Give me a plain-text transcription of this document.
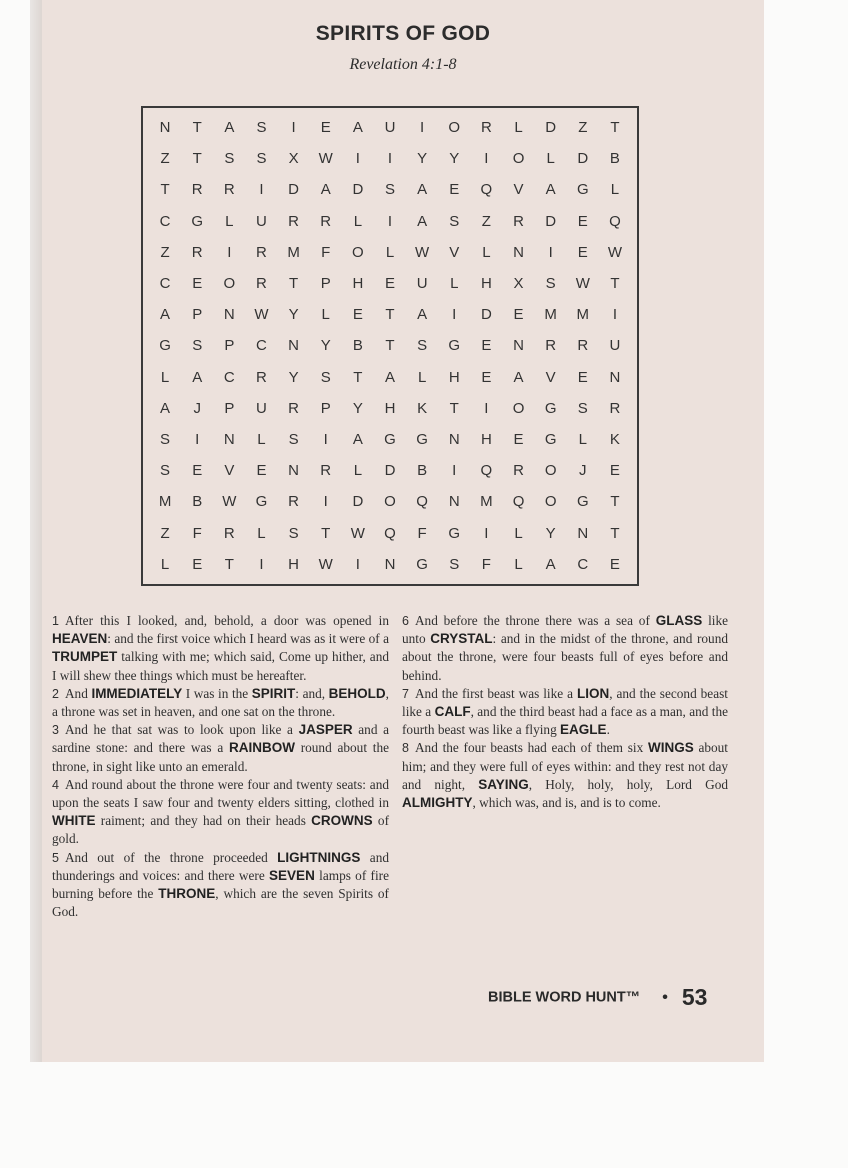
SPIRITS OF GOD
Revelation 4:1-8
N	T	A	S	I	E	A	U	I	O	R	L	D	Z	T
Z	T	S	S	X	W	I	I	Y	Y	I	O	L	D	B
T	R	R	I	D	A	D	S	A	E	Q	V	A	G	L
C	G	L	U	R	R	L	I	A	S	Z	R	D	E	Q
Z	R	I	R	M	F	O	L	W	V	L	N	I	E	W
C	E	O	R	T	P	H	E	U	L	H	X	S	W	T
A	P	N	W	Y	L	E	T	A	I	D	E	M	M	I
G	S	P	C	N	Y	B	T	S	G	E	N	R	R	U
L	A	C	R	Y	S	T	A	L	H	E	A	V	E	N
A	J	P	U	R	P	Y	H	K	T	I	O	G	S	R
S	I	N	L	S	I	A	G	G	N	H	E	G	L	K
S	E	V	E	N	R	L	D	B	I	Q	R	O	J	E
M	B	W	G	R	I	D	O	Q	N	M	Q	O	G	T
Z	F	R	L	S	T	W	Q	F	G	I	L	Y	N	T
L	E	T	I	H	W	I	N	G	S	F	L	A	C	E

1 After this I looked, and, behold, a door was opened in HEAVEN: and the first voice which I heard was as it were of a TRUMPET talking with me; which said, Come up hither, and I will shew thee things which must be hereafter.

2 And IMMEDIATELY I was in the SPIRIT: and, BEHOLD, a throne was set in heaven, and one sat on the throne.

3 And he that sat was to look upon like a JASPER and a sardine stone: and there was a RAINBOW round about the throne, in sight like unto an emerald.

4 And round about the throne were four and twenty seats: and upon the seats I saw four and twenty elders sitting, clothed in WHITE raiment; and they had on their heads CROWNS of gold.

5 And out of the throne proceeded LIGHTNINGS and thunderings and voices: and there were SEVEN lamps of fire burning before the THRONE, which are the seven Spirits of God.

6 And before the throne there was a sea of GLASS like unto CRYSTAL: and in the midst of the throne, and round about the throne, were four beasts full of eyes before and behind.

7 And the first beast was like a LION, and the second beast like a CALF, and the third beast had a face as a man, and the fourth beast was like a flying EAGLE.

8 And the four beasts had each of them six WINGS about him; and they were full of eyes within: and they rest not day and night, SAYING, Holy, holy, holy, Lord God ALMIGHTY, which was, and is, and is to come.

BIBLE WORD HUNT™ • 53
